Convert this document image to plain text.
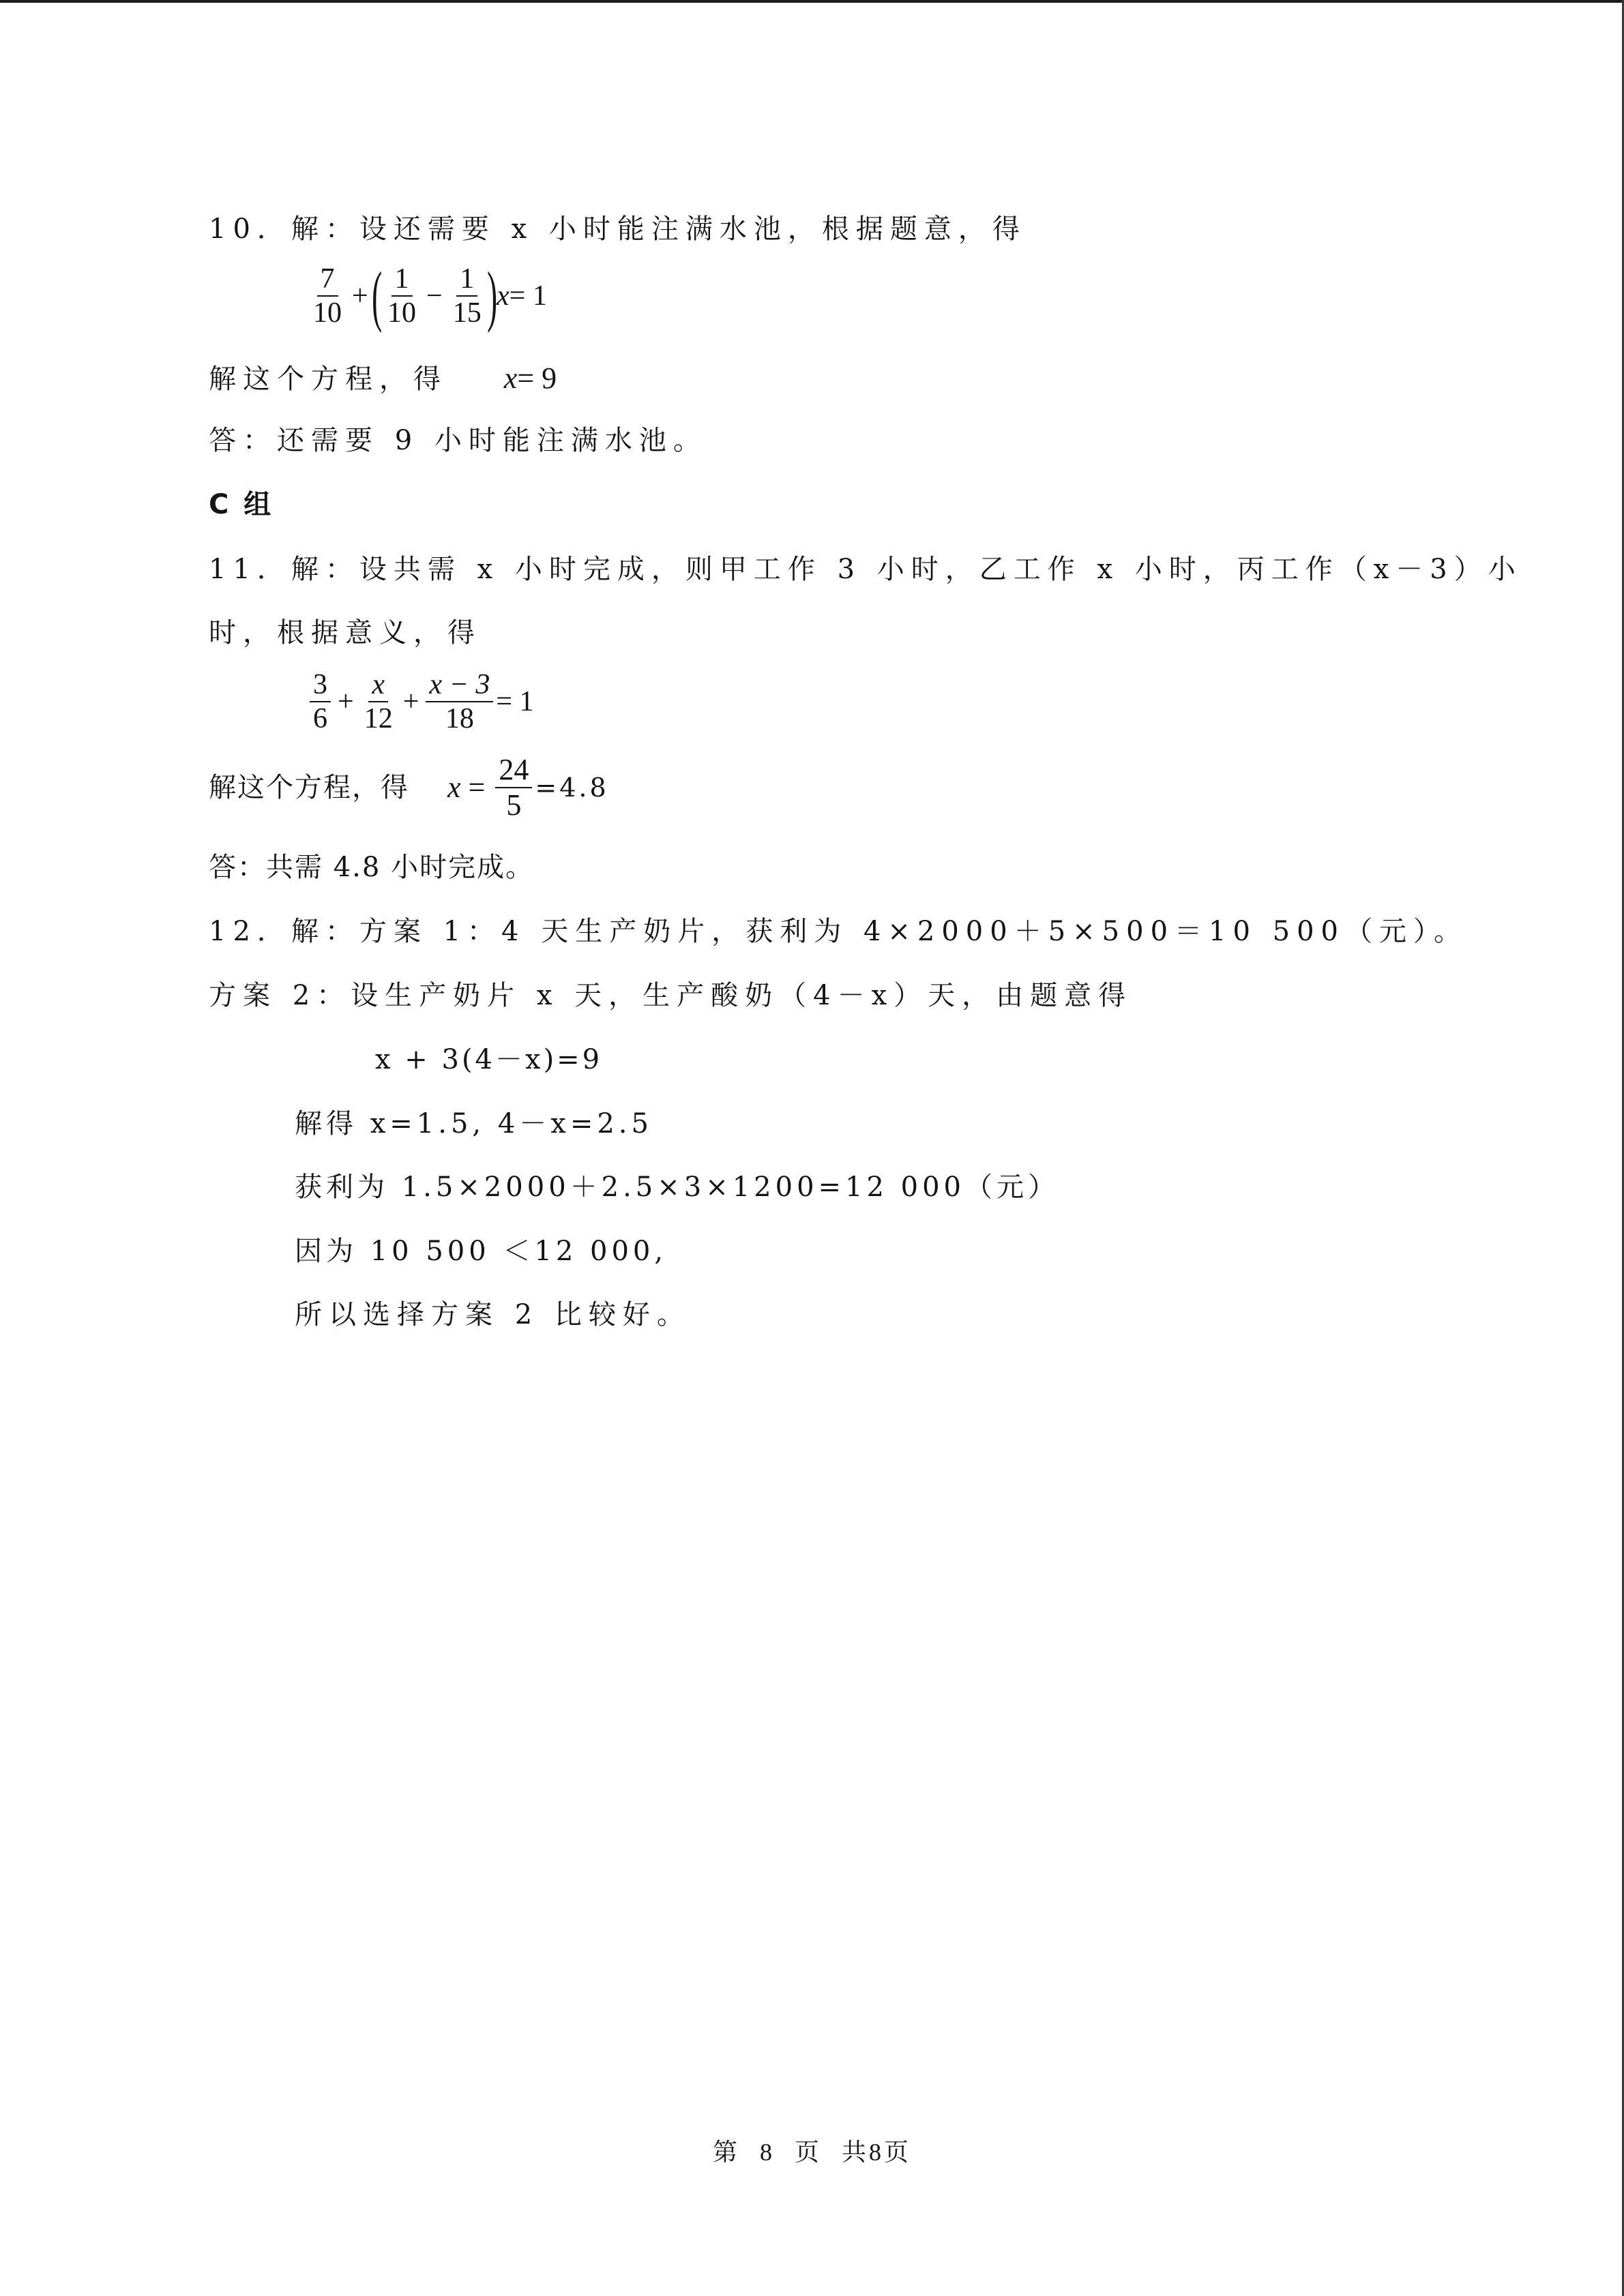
10．解：设还需要 x 小时能注满水池，根据题意，得
$\frac{7}{10}$ + ( $\frac{1}{10} - \frac{1}{15}$ ) x = 1
解这个方程，得 x = 9
答：还需要 9 小时能注满水池。
C 组
11．解：设共需 x 小时完成，则甲工作 3 小时，乙工作 x 小时，丙工作（x－3）小
时，根据意义，得
$\frac{3}{6} + \frac{x}{12} + \frac{x - 3}{18} = 1$
解这个方程，得 $x = \frac{24}{5} =4.8$
答：共需 4.8 小时完成。
12．解：方案 1：4 天生产奶片，获利为 4×2000＋5×500＝10 500（元）。
方案 2：设生产奶片 x 天，生产酸奶（4－x）天，由题意得
x + 3(4－x)=9
解得 x=1.5, 4－x=2.5
获利为 1.5×2000＋2.5×3×1200=12 000（元）
因为 10 500 ＜12 000,
所以选择方案 2 比较好。
第 8 页 共8页
